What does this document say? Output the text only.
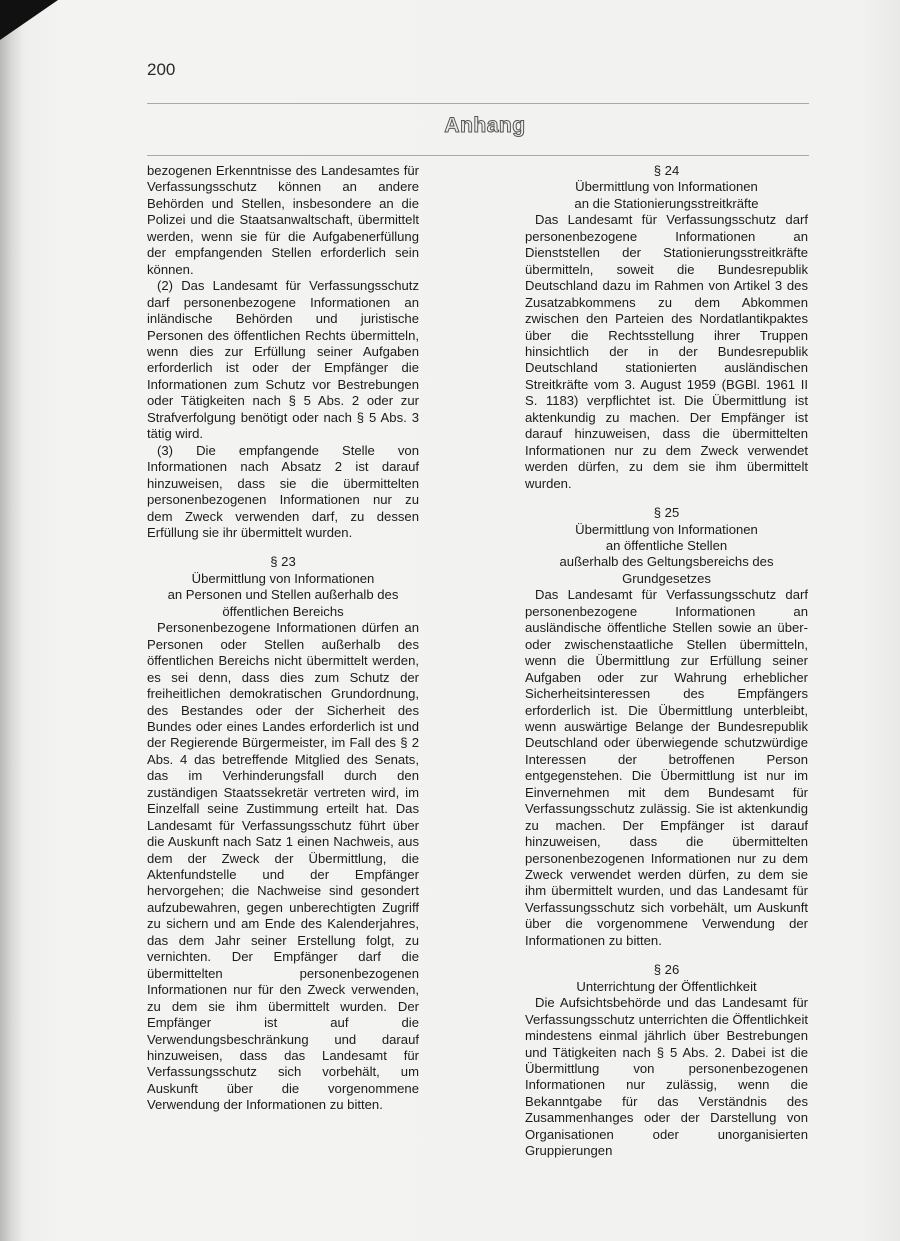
200
Anhang

bezogenen Erkenntnisse des Landesamtes für Verfassungsschutz können an andere Behörden und Stellen, insbesondere an die Polizei und die Staatsanwaltschaft, übermittelt werden, wenn sie für die Aufgabenerfüllung der empfangenden Stellen erforderlich sein können.

(2) Das Landesamt für Verfassungsschutz darf personenbezogene Informationen an inländische Behörden und juristische Personen des öffentlichen Rechts übermitteln, wenn dies zur Erfüllung seiner Aufgaben erforderlich ist oder der Empfänger die Informationen zum Schutz vor Bestrebungen oder Tätigkeiten nach § 5 Abs. 2 oder zur Strafverfolgung benötigt oder nach § 5 Abs. 3 tätig wird.

(3) Die empfangende Stelle von Informationen nach Absatz 2 ist darauf hinzuweisen, dass sie die übermittelten personenbezogenen Informationen nur zu dem Zweck verwenden darf, zu dessen Erfüllung sie ihr übermittelt wurden.

§ 23
Übermittlung von Informationen
an Personen und Stellen außerhalb des
öffentlichen Bereichs

Personenbezogene Informationen dürfen an Personen oder Stellen außerhalb des öffentlichen Bereichs nicht übermittelt werden, es sei denn, dass dies zum Schutz der freiheitlichen demokratischen Grundordnung, des Bestandes oder der Sicherheit des Bundes oder eines Landes erforderlich ist und der Regierende Bürgermeister, im Fall des § 2 Abs. 4 das betreffende Mitglied des Senats, das im Verhinderungsfall durch den zuständigen Staatssekretär vertreten wird, im Einzelfall seine Zustimmung erteilt hat. Das Landesamt für Verfassungsschutz führt über die Auskunft nach Satz 1 einen Nachweis, aus dem der Zweck der Übermittlung, die Aktenfundstelle und der Empfänger hervorgehen; die Nachweise sind gesondert aufzubewahren, gegen unberechtigten Zugriff zu sichern und am Ende des Kalenderjahres, das dem Jahr seiner Erstellung folgt, zu vernichten. Der Empfänger darf die übermittelten personenbezogenen Informationen nur für den Zweck verwenden, zu dem sie ihm übermittelt wurden. Der Empfänger ist auf die Verwendungsbeschränkung und darauf hinzuweisen, dass das Landesamt für Verfassungsschutz sich vorbehält, um Auskunft über die vorgenommene Verwendung der Informationen zu bitten.

§ 24
Übermittlung von Informationen
an die Stationierungsstreitkräfte

Das Landesamt für Verfassungsschutz darf personenbezogene Informationen an Dienststellen der Stationierungsstreitkräfte übermitteln, soweit die Bundesrepublik Deutschland dazu im Rahmen von Artikel 3 des Zusatzabkommens zu dem Abkommen zwischen den Parteien des Nordatlantikpaktes über die Rechtsstellung ihrer Truppen hinsichtlich der in der Bundesrepublik Deutschland stationierten ausländischen Streitkräfte vom 3. August 1959 (BGBl. 1961 II S. 1183) verpflichtet ist. Die Übermittlung ist aktenkundig zu machen. Der Empfänger ist darauf hinzuweisen, dass die übermittelten Informationen nur zu dem Zweck verwendet werden dürfen, zu dem sie ihm übermittelt wurden.

§ 25
Übermittlung von Informationen
an öffentliche Stellen
außerhalb des Geltungsbereichs des
Grundgesetzes

Das Landesamt für Verfassungsschutz darf personenbezogene Informationen an ausländische öffentliche Stellen sowie an über- oder zwischenstaatliche Stellen übermitteln, wenn die Übermittlung zur Erfüllung seiner Aufgaben oder zur Wahrung erheblicher Sicherheitsinteressen des Empfängers erforderlich ist. Die Übermittlung unterbleibt, wenn auswärtige Belange der Bundesrepublik Deutschland oder überwiegende schutzwürdige Interessen der betroffenen Person entgegenstehen. Die Übermittlung ist nur im Einvernehmen mit dem Bundesamt für Verfassungsschutz zulässig. Sie ist aktenkundig zu machen. Der Empfänger ist darauf hinzuweisen, dass die übermittelten personenbezogenen Informationen nur zu dem Zweck verwendet werden dürfen, zu dem sie ihm übermittelt wurden, und das Landesamt für Verfassungsschutz sich vorbehält, um Auskunft über die vorgenommene Verwendung der Informationen zu bitten.

§ 26
Unterrichtung der Öffentlichkeit

Die Aufsichtsbehörde und das Landesamt für Verfassungsschutz unterrichten die Öffentlichkeit mindestens einmal jährlich über Bestrebungen und Tätigkeiten nach § 5 Abs. 2. Dabei ist die Übermittlung von personenbezogenen Informationen nur zulässig, wenn die Bekanntgabe für das Verständnis des Zusammenhanges oder der Darstellung von Organisationen oder unorganisierten Gruppierungen
